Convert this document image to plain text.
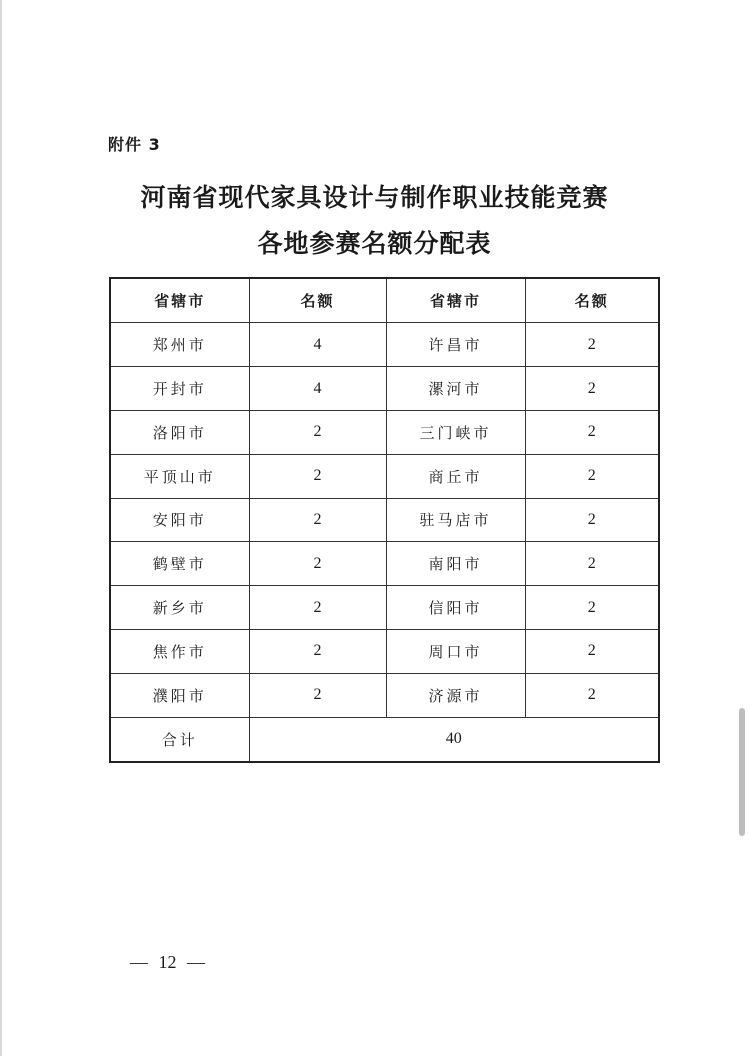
附件 3
河南省现代家具设计与制作职业技能竞赛
各地参赛名额分配表
省辖市	名额	省辖市	名额
郑州市	4	许昌市	2
开封市	4	漯河市	2
洛阳市	2	三门峡市	2
平顶山市	2	商丘市	2
安阳市	2	驻马店市	2
鹤壁市	2	南阳市	2
新乡市	2	信阳市	2
焦作市	2	周口市	2
濮阳市	2	济源市	2
合计	40		
— 12 —
